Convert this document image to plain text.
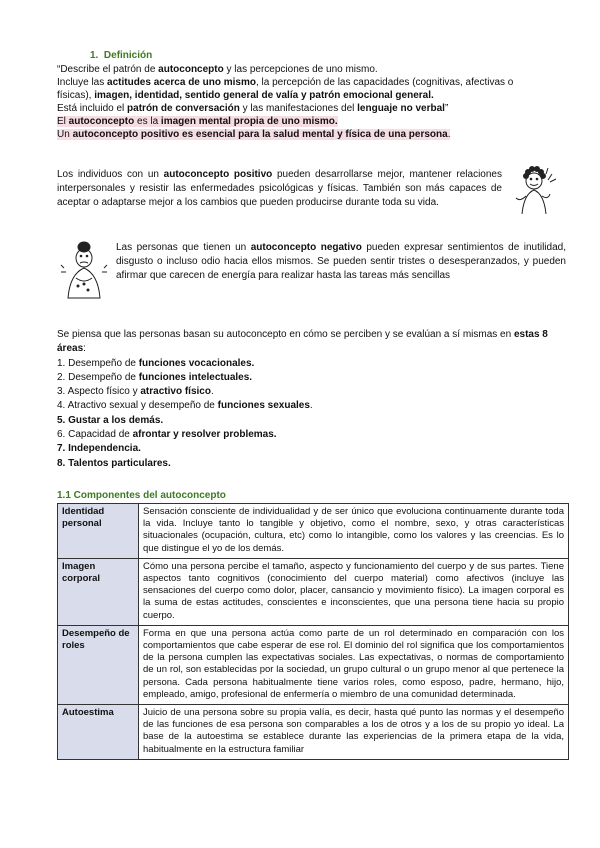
1. Definición
“Describe el patrón de autoconcepto y las percepciones de uno mismo.
Incluye las actitudes acerca de uno mismo, la percepción de las capacidades (cognitivas, afectivas o
físicas), imagen, identidad, sentido general de valía y patrón emocional general.
Está incluido el patrón de conversación y las manifestaciones del lenguaje no verbal”
El autoconcepto es la imagen mental propia de uno mismo.
Un autoconcepto positivo es esencial para la salud mental y física de una persona.
Los individuos con un autoconcepto positivo pueden desarrollarse mejor, mantener relaciones interpersonales y resistir las enfermedades psicológicas y físicas. También son más capaces de aceptar o adaptarse mejor a los cambios que pueden producirse durante toda su vida.
Las personas que tienen un autoconcepto negativo pueden expresar sentimientos de inutilidad, disgusto o incluso odio hacia ellos mismos. Se pueden sentir tristes o desesperanzados, y pueden afirmar que carecen de energía para realizar hasta las tareas más sencillas
Se piensa que las personas basan su autoconcepto en cómo se perciben y se evalúan a sí mismas en estas 8 áreas:
1. Desempeño de funciones vocacionales.
2. Desempeño de funciones intelectuales.
3. Aspecto físico y atractivo físico.
4. Atractivo sexual y desempeño de funciones sexuales.
5. Gustar a los demás.
6. Capacidad de afrontar y resolver problemas.
7. Independencia.
8. Talentos particulares.
1.1 Componentes del autoconcepto
Identidad personal	Sensación consciente de individualidad y de ser único que evoluciona continuamente durante toda la vida. Incluye tanto lo tangible y objetivo, como el nombre, sexo, y otras características situacionales (ocupación, cultura, etc) como lo intangible, como los valores y las creencias. Es lo que distingue el yo de los demás.
Imagen corporal	Cómo una persona percibe el tamaño, aspecto y funcionamiento del cuerpo y de sus partes. Tiene aspectos tanto cognitivos (conocimiento del cuerpo material) como afectivos (incluye las sensaciones del cuerpo como dolor, placer, cansancio y movimiento físico). La imagen corporal es la suma de estas actitudes, conscientes e inconscientes, que una persona tiene hacia su propio cuerpo.
Desempeño de roles	Forma en que una persona actúa como parte de un rol determinado en comparación con los comportamientos que cabe esperar de ese rol. El dominio del rol significa que los comportamientos de la persona cumplen las expectativas sociales. Las expectativas, o normas de comportamiento de un rol, son establecidas por la sociedad, un grupo cultural o un grupo menor al que pertenece la persona. Cada persona habitualmente tiene varios roles, como esposo, padre, hermano, hijo, empleado, amigo, profesional de enfermería o miembro de una comunidad determinada.
Autoestima	Juicio de una persona sobre su propia valía, es decir, hasta qué punto las normas y el desempeño de las funciones de esa persona son comparables a los de otros y a los de su propio yo ideal. La base de la autoestima se establece durante las experiencias de la primera etapa de la vida, habitualmente en la estructura familiar
